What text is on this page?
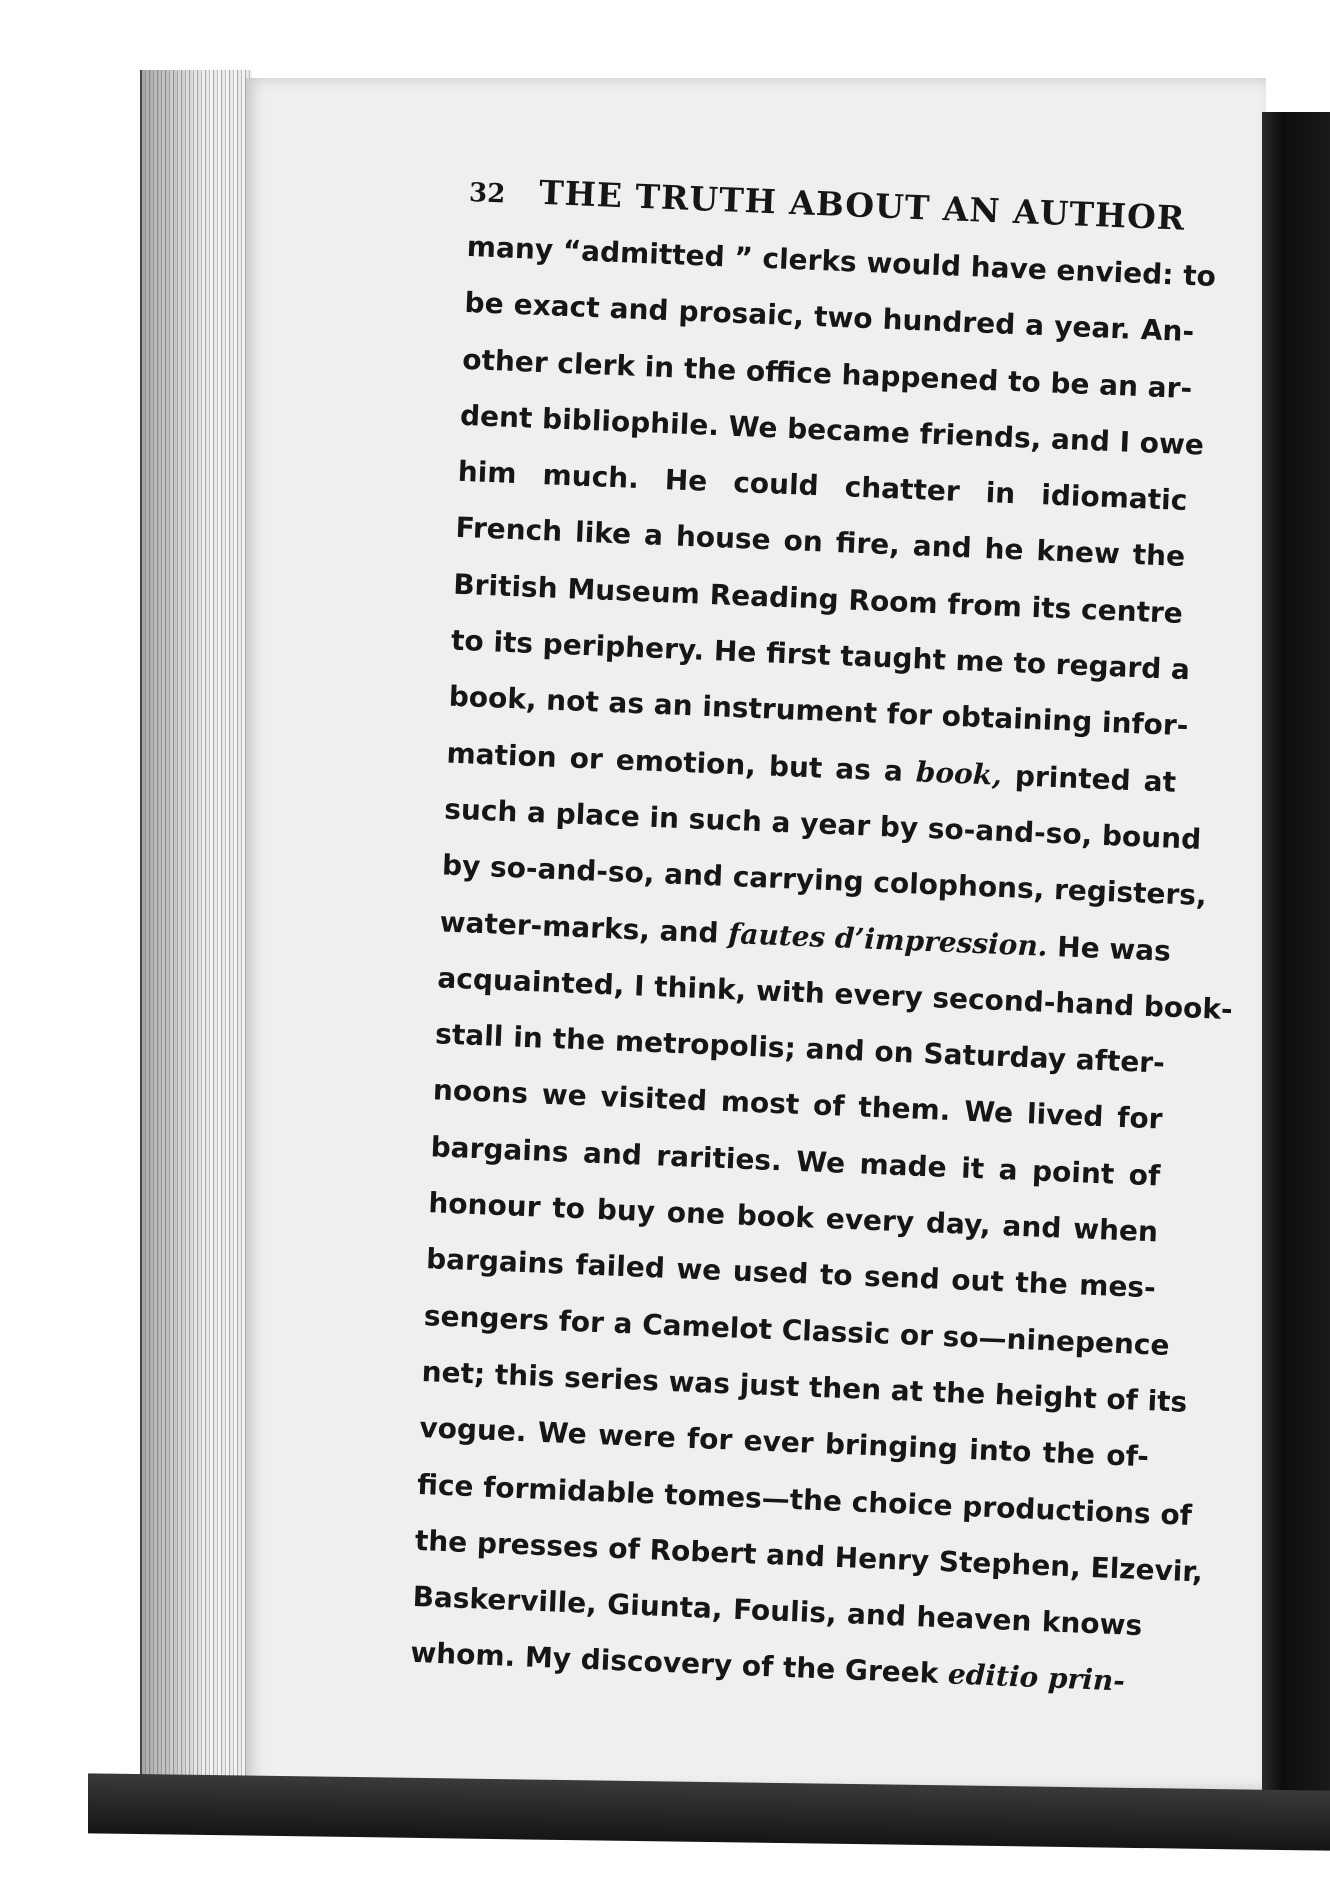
32 THE TRUTH ABOUT AN AUTHOR
many “admitted ” clerks would have envied: to
be exact and prosaic, two hundred a year. An-
other clerk in the office happened to be an ar-
dent bibliophile. We became friends, and I owe
him much. He could chatter in idiomatic
French like a house on fire, and he knew the
British Museum Reading Room from its centre
to its periphery. He first taught me to regard a
book, not as an instrument for obtaining infor-
mation or emotion, but as a book, printed at
such a place in such a year by so-and-so, bound
by so-and-so, and carrying colophons, registers,
water-marks, and fautes d’impression. He was
acquainted, I think, with every second-hand book-
stall in the metropolis; and on Saturday after-
noons we visited most of them. We lived for
bargains and rarities. We made it a point of
honour to buy one book every day, and when
bargains failed we used to send out the mes-
sengers for a Camelot Classic or so—ninepence
net; this series was just then at the height of its
vogue. We were for ever bringing into the of-
fice formidable tomes—the choice productions of
the presses of Robert and Henry Stephen, Elzevir,
Baskerville, Giunta, Foulis, and heaven knows
whom. My discovery of the Greek editio prin-
